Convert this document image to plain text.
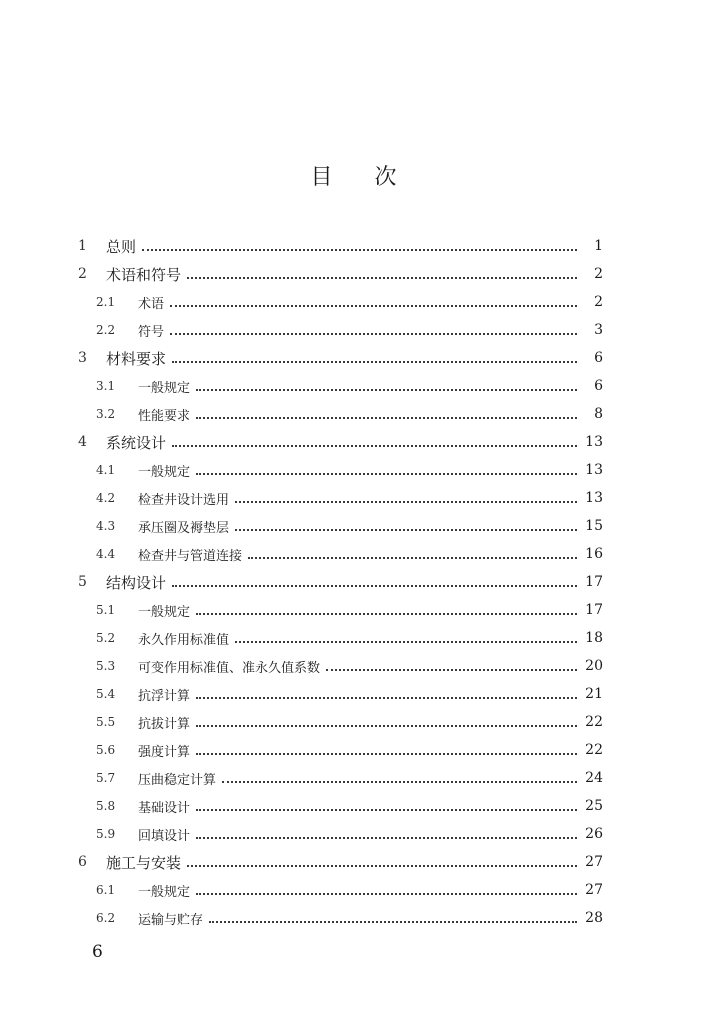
目      次
1	总则	1
2	术语和符号	2
2.1	术语	2
2.2	符号	3
3	材料要求	6
3.1	一般规定	6
3.2	性能要求	8
4	系统设计	13
4.1	一般规定	13
4.2	检查井设计选用	13
4.3	承压圈及褥垫层	15
4.4	检查井与管道连接	16
5	结构设计	17
5.1	一般规定	17
5.2	永久作用标准值	18
5.3	可变作用标准值、准永久值系数	20
5.4	抗浮计算	21
5.5	抗拔计算	22
5.6	强度计算	22
5.7	压曲稳定计算	24
5.8	基础设计	25
5.9	回填设计	26
6	施工与安装	27
6.1	一般规定	27
6.2	运输与贮存	28
6
